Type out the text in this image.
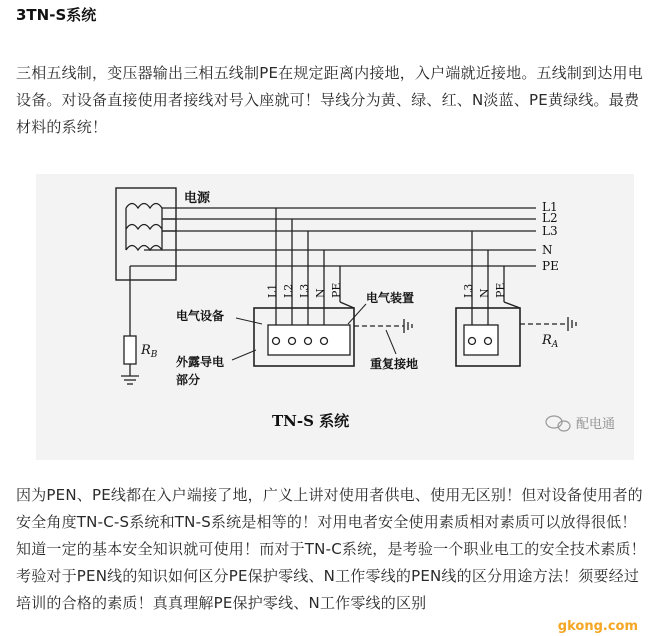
3TN-S系统
三相五线制，变压器输出三相五线制PE在规定距离内接地，入户端就近接地。五线制到达用电设备。对设备直接使用者接线对号入座就可！导线分为黄、绿、红、N淡蓝、PE黄绿线。最费材料的系统！
电源
L1
L2
L3
N
PE
$R_B$
L1 L2 L3 N PE
电气设备
电气装置
外露导电
部分
重复接地
L3 N PE
$R_A$
TN-S 系统	配电通
因为PEN、PE线都在入户端接了地，广义上讲对使用者供电、使用无区别！但对设备使用者的安全角度TN-C-S系统和TN-S系统是相等的！对用电者安全使用素质相对素质可以放得很低！知道一定的基本安全知识就可使用！而对于TN-C系统，是考验一个职业电工的安全技术素质！考验对于PEN线的知识如何区分PE保护零线、N工作零线的PEN线的区分用途方法！须要经过培训的合格的素质！真真理解PE保护零线、N工作零线的区别
gkong.com
